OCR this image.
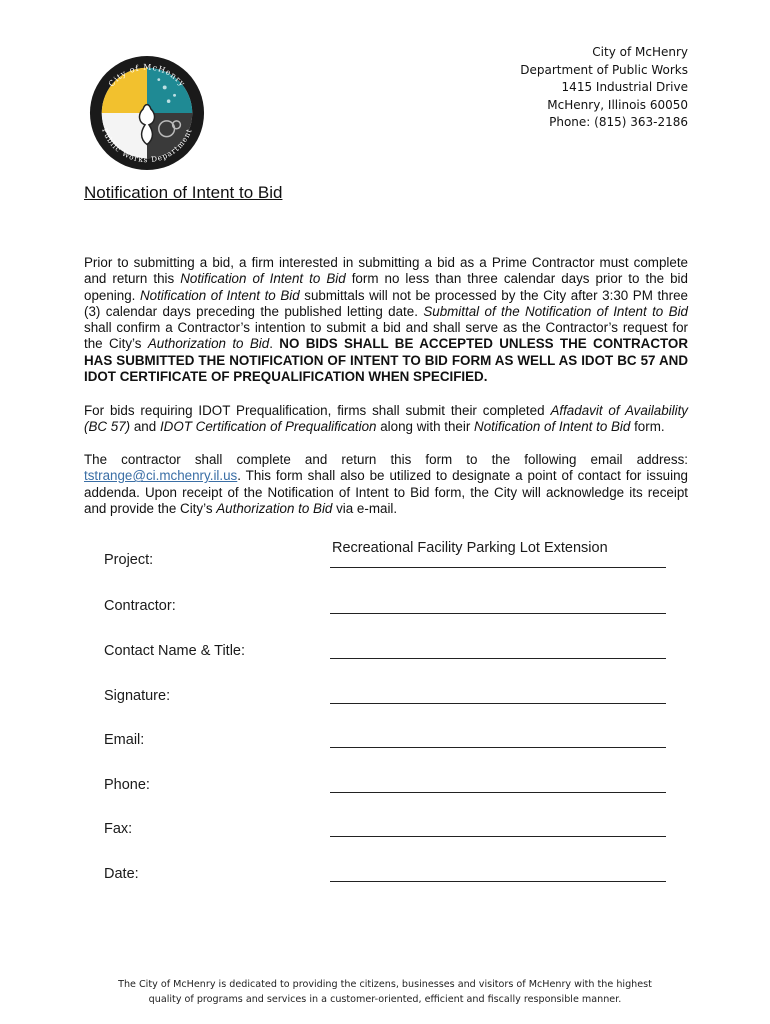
City of McHenry
Public Works Department
City of McHenry
Department of Public Works
1415 Industrial Drive
McHenry, Illinois 60050
Phone: (815) 363-2186
Notification of Intent to Bid
Prior to submitting a bid, a firm interested in submitting a bid as a Prime Contractor must complete and return this Notification of Intent to Bid form no less than three calendar days prior to the bid opening. Notification of Intent to Bid submittals will not be processed by the City after 3:30 PM three (3) calendar days preceding the published letting date. Submittal of the Notification of Intent to Bid shall confirm a Contractor’s intention to submit a bid and shall serve as the Contractor’s request for the City’s Authorization to Bid. NO BIDS SHALL BE ACCEPTED UNLESS THE CONTRACTOR HAS SUBMITTED THE NOTIFICATION OF INTENT TO BID FORM AS WELL AS IDOT BC 57 AND IDOT CERTIFICATE OF PREQUALIFICATION WHEN SPECIFIED.
For bids requiring IDOT Prequalification, firms shall submit their completed Affadavit of Availability (BC 57) and IDOT Certification of Prequalification along with their Notification of Intent to Bid form.
The contractor shall complete and return this form to the following email address: tstrange@ci.mchenry.il.us. This form shall also be utilized to designate a point of contact for issuing addenda. Upon receipt of the Notification of Intent to Bid form, the City will acknowledge its receipt and provide the City’s Authorization to Bid via e-mail.
Project:
Recreational Facility Parking Lot Extension
Contractor:
Contact Name & Title:
Signature:
Email:
Phone:
Fax:
Date:
The City of McHenry is dedicated to providing the citizens, businesses and visitors of McHenry with the highest
quality of programs and services in a customer-oriented, efficient and fiscally responsible manner.
